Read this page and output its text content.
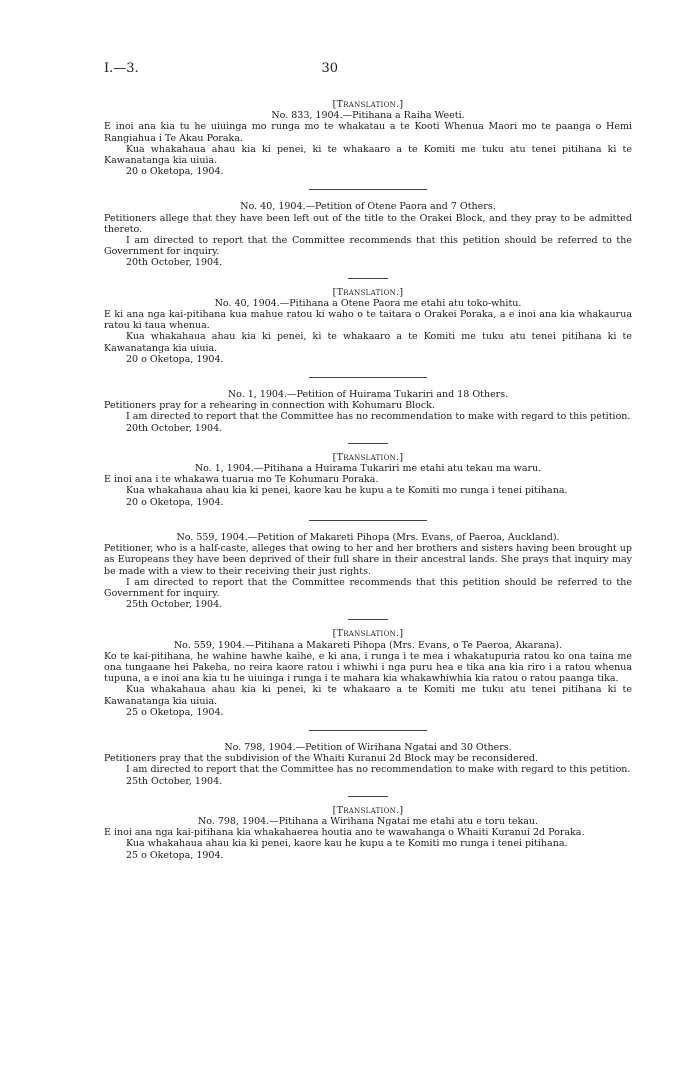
I.—3.	30
[Translation.]
No. 833, 1904.—Pitihana a Raiha Weeti.

E inoi ana kia tu he uiuinga mo runga mo te whakatau a te Kooti Whenua Maori mo te paanga o Hemi Rangiahua i Te Akau Poraka.

Kua whakahaua ahau kia ki penei, ki te whakaaro a te Komiti me tuku atu tenei pitihana ki te Kawanatanga kia uiuia.

20 o Oketopa, 1904.
No. 40, 1904.—Petition of Otene Paora and 7 Others.

Petitioners allege that they have been left out of the title to the Orakei Block, and they pray to be admitted thereto.

I am directed to report that the Committee recommends that this petition should be referred to the Government for inquiry.

20th October, 1904.
[Translation.]
No. 40, 1904.—Pitihana a Otene Paora me etahi atu toko-whitu.

E ki ana nga kai-pitihana kua mahue ratou ki waho o te taitara o Orakei Poraka, a e inoi ana kia whakaurua ratou ki taua whenua.

Kua whakahaua ahau kia ki penei, ki te whakaaro a te Komiti me tuku atu tenei pitihana ki te Kawanatanga kia uiuia.

20 o Oketopa, 1904.
No. 1, 1904.—Petition of Huirama Tukariri and 18 Others.

Petitioners pray for a rehearing in connection with Kohumaru Block.

I am directed to report that the Committee has no recommendation to make with regard to this petition.

20th October, 1904.
[Translation.]
No. 1, 1904.—Pitihana a Huirama Tukariri me etahi atu tekau ma waru.

E inoi ana i te whakawa tuarua mo Te Kohumaru Poraka.

Kua whakahaua ahau kia ki penei, kaore kau he kupu a te Komiti mo runga i tenei pitihana.

20 o Oketopa, 1904.
No. 559, 1904.—Petition of Makareti Pihopa (Mrs. Evans, of Paeroa, Auckland).

Petitioner, who is a half-caste, alleges that owing to her and her brothers and sisters having been brought up as Europeans they have been deprived of their full share in their ancestral lands. She prays that inquiry may be made with a view to their receiving their just rights.

I am directed to report that the Committee recommends that this petition should be referred to the Government for inquiry.

25th October, 1904.
[Translation.]
No. 559, 1904.—Pitihana a Makareti Pihopa (Mrs. Evans, o Te Paeroa, Akarana).

Ko te kai-pitihana, he wahine hawhe kaihe, e ki ana, i runga i te mea i whakatupuria ratou ko ona taina me ona tungaane hei Pakeha, no reira kaore ratou i whiwhi i nga puru hea e tika ana kia riro i a ratou whenua tupuna, a e inoi ana kia tu he uiuinga i runga i te mahara kia whakawhiwhia kia ratou o ratou paanga tika.

Kua whakahaua ahau kia ki penei, ki te whakaaro a te Komiti me tuku atu tenei pitihana ki te Kawanatanga kia uiuia.

25 o Oketopa, 1904.
No. 798, 1904.—Petition of Wirihana Ngatai and 30 Others.

Petitioners pray that the subdivision of the Whaiti Kuranui 2d Block may be reconsidered.

I am directed to report that the Committee has no recommendation to make with regard to this petition.

25th October, 1904.
[Translation.]
No. 798, 1904.—Pitihana a Wirihana Ngatai me etahi atu e toru tekau.

E inoi ana nga kai-pitihana kia whakahaerea houtia ano te wawahanga o Whaiti Kuranui 2d Poraka.

Kua whakahaua ahau kia ki penei, kaore kau he kupu a te Komiti mo runga i tenei pitihana.

25 o Oketopa, 1904.
